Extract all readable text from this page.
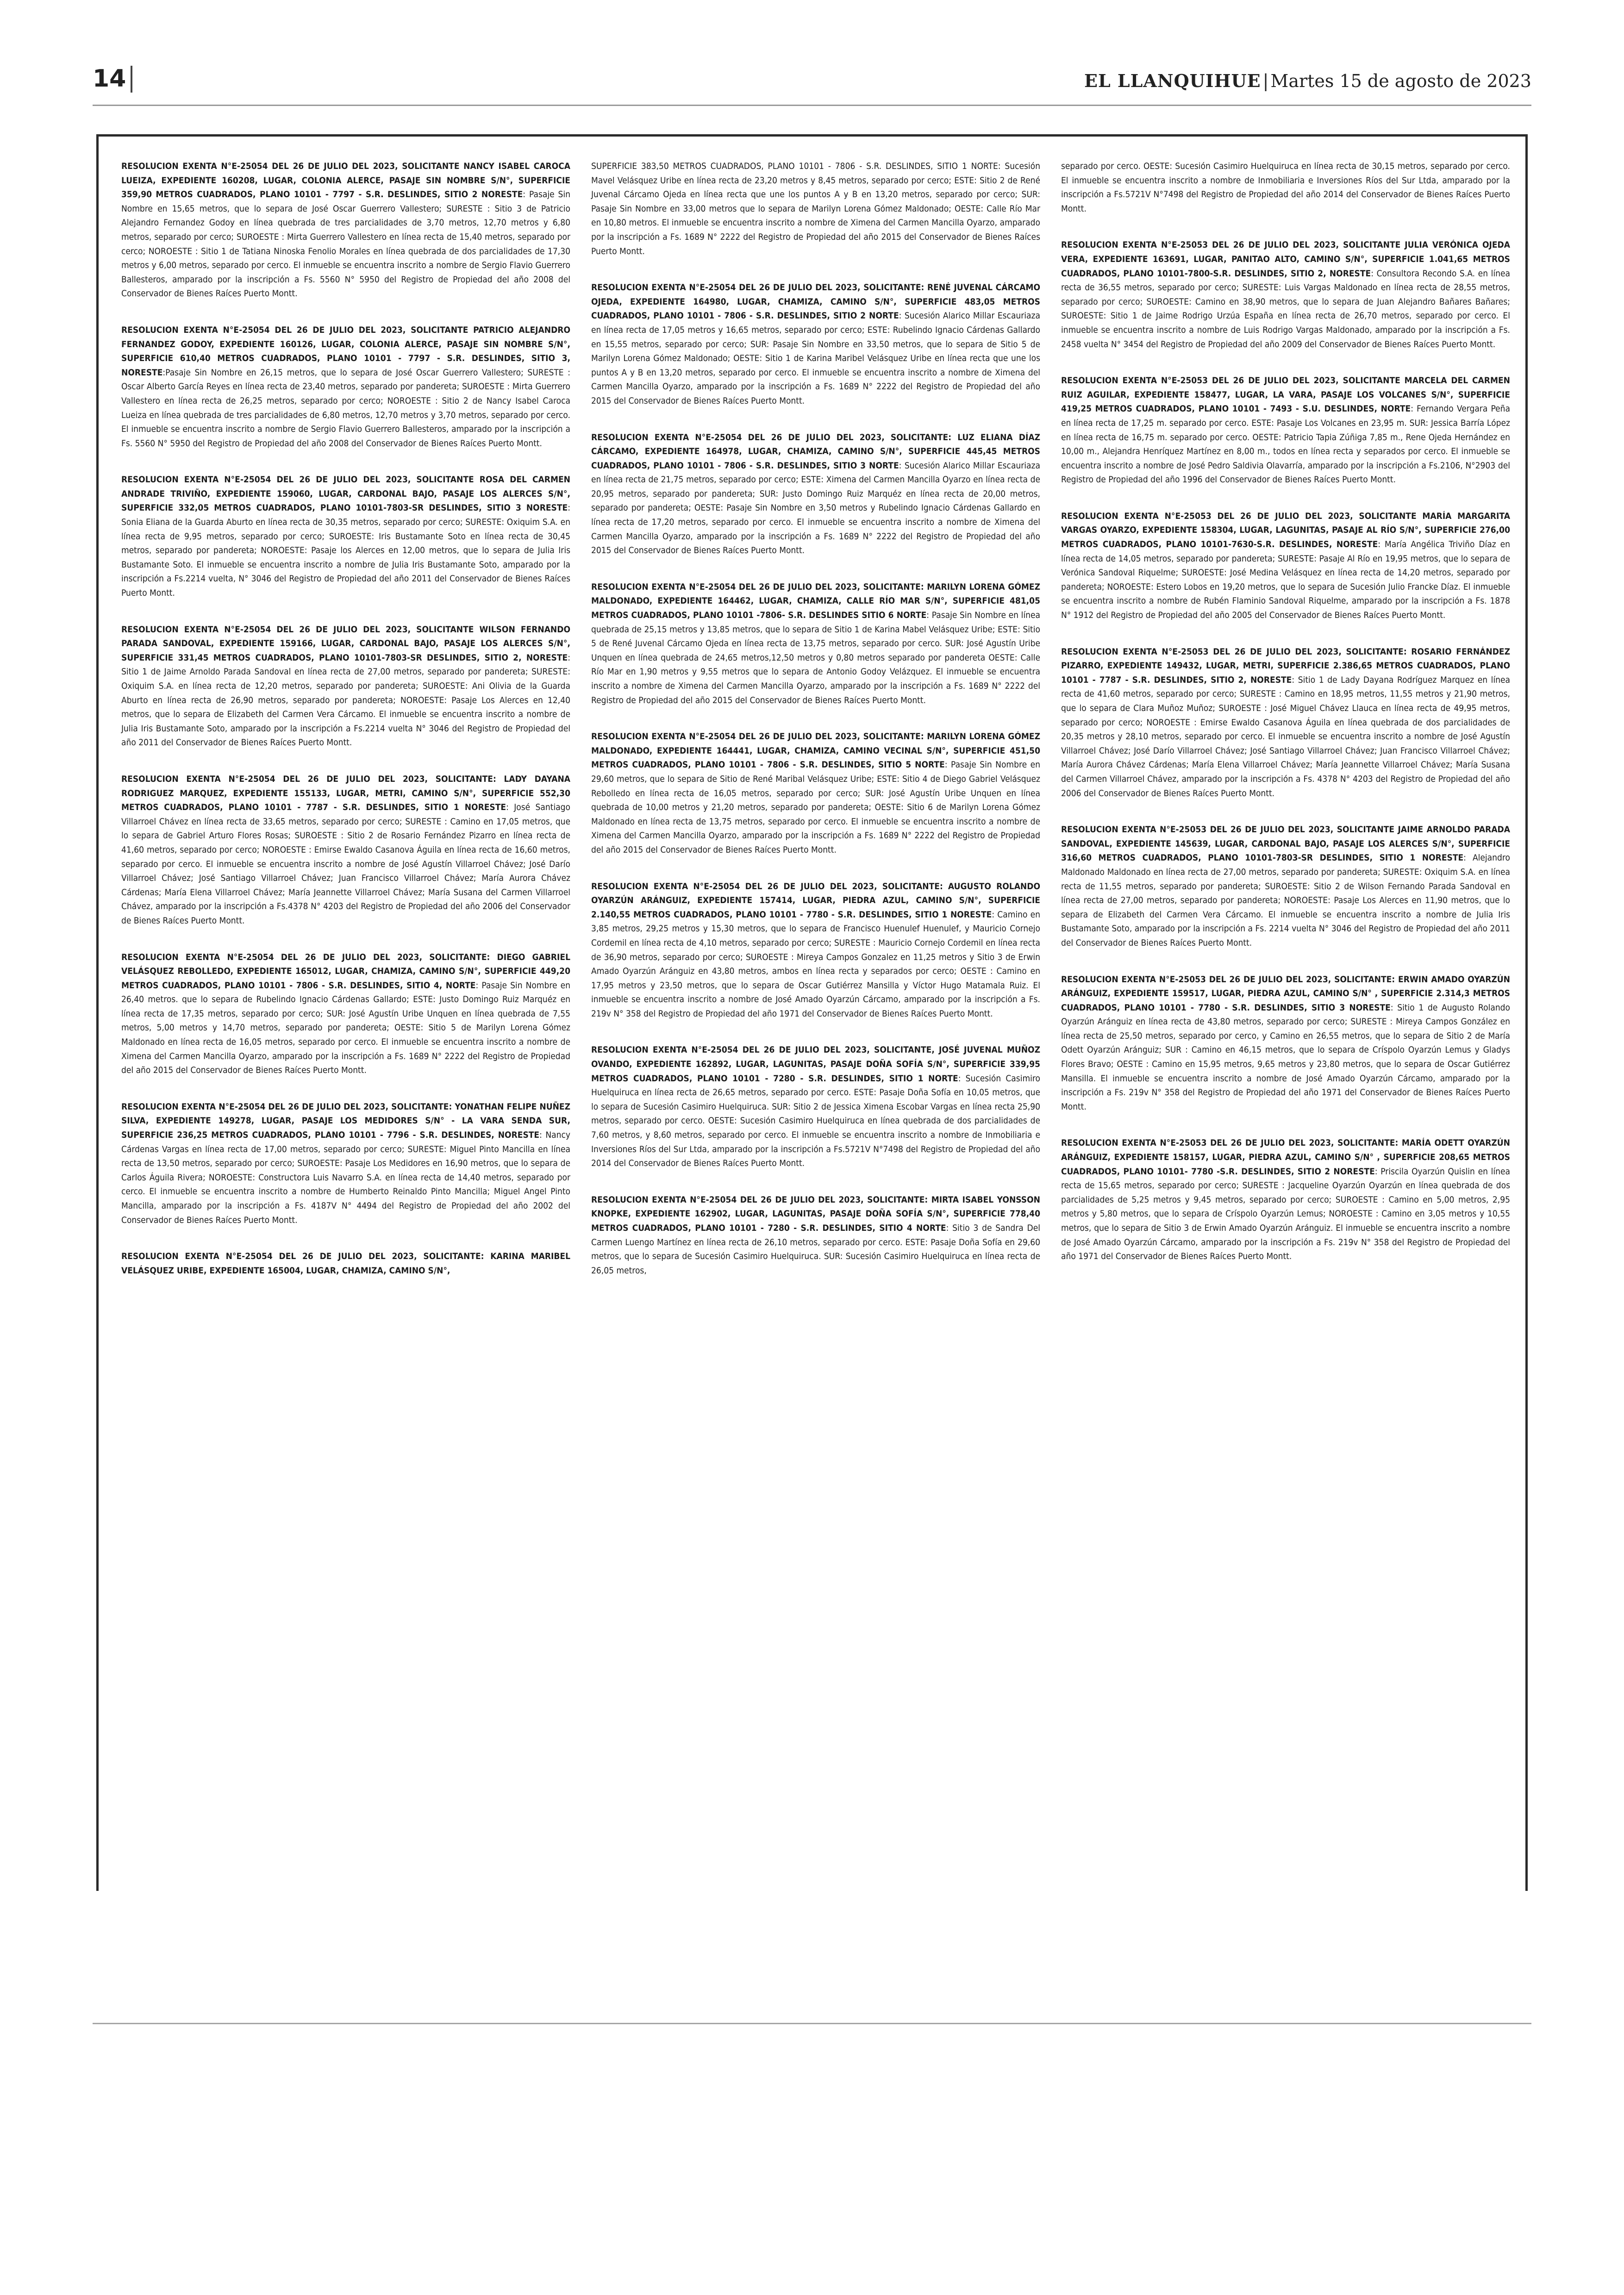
14	EL LLANQUIHUE | Martes 15 de agosto de 2023

RESOLUCION EXENTA N°E-25054 DEL 26 DE JULIO DEL 2023, SOLICITANTE NANCY ISABEL CAROCA LUEIZA, EXPEDIENTE 160208, LUGAR, COLONIA ALERCE, PASAJE SIN NOMBRE S/N°, SUPERFICIE 359,90 METROS CUADRADOS, PLANO 10101 - 7797 - S.R. DESLINDES, SITIO 2 NORESTE: Pasaje Sin Nombre en 15,65 metros, que lo separa de José Oscar Guerrero Vallestero; SURESTE : Sitio 3 de Patricio Alejandro Fernandez Godoy en línea quebrada de tres parcialidades de 3,70 metros, 12,70 metros y 6,80 metros, separado por cerco; SUROESTE : Mirta Guerrero Vallestero en línea recta de 15,40 metros, separado por cerco; NOROESTE : Sitio 1 de Tatiana Ninoska Fenolio Morales en línea quebrada de dos parcialidades de 17,30 metros y 6,00 metros, separado por cerco. El inmueble se encuentra inscrito a nombre de Sergio Flavio Guerrero Ballesteros, amparado por la inscripción a Fs. 5560 N° 5950 del Registro de Propiedad del año 2008 del Conservador de Bienes Raíces Puerto Montt.

RESOLUCION EXENTA N°E-25054 DEL 26 DE JULIO DEL 2023, SOLICITANTE PATRICIO ALEJANDRO FERNANDEZ GODOY, EXPEDIENTE 160126, LUGAR, COLONIA ALERCE, PASAJE SIN NOMBRE S/N°, SUPERFICIE 610,40 METROS CUADRADOS, PLANO 10101 - 7797 - S.R. DESLINDES, SITIO 3, NORESTE:Pasaje Sin Nombre en 26,15 metros, que lo separa de José Oscar Guerrero Vallestero; SURESTE : Oscar Alberto García Reyes en línea recta de 23,40 metros, separado por pandereta; SUROESTE : Mirta Guerrero Vallestero en línea recta de 26,25 metros, separado por cerco; NOROESTE : Sitio 2 de Nancy Isabel Caroca Lueiza en línea quebrada de tres parcialidades de 6,80 metros, 12,70 metros y 3,70 metros, separado por cerco. El inmueble se encuentra inscrito a nombre de Sergio Flavio Guerrero Ballesteros, amparado por la inscripción a Fs. 5560 N° 5950 del Registro de Propiedad del año 2008 del Conservador de Bienes Raíces Puerto Montt.

RESOLUCION EXENTA N°E-25054 DEL 26 DE JULIO DEL 2023, SOLICITANTE ROSA DEL CARMEN ANDRADE TRIVIÑO, EXPEDIENTE 159060, LUGAR, CARDONAL BAJO, PASAJE LOS ALERCES S/N°, SUPERFICIE 332,05 METROS CUADRADOS, PLANO 10101-7803-SR DESLINDES, SITIO 3 NORESTE: Sonia Eliana de la Guarda Aburto en línea recta de 30,35 metros, separado por cerco; SURESTE: Oxiquim S.A. en línea recta de 9,95 metros, separado por cerco; SUROESTE: Iris Bustamante Soto en línea recta de 30,45 metros, separado por pandereta; NOROESTE: Pasaje los Alerces en 12,00 metros, que lo separa de Julia Iris Bustamante Soto. El inmueble se encuentra inscrito a nombre de Julia Iris Bustamante Soto, amparado por la inscripción a Fs.2214 vuelta, N° 3046 del Registro de Propiedad del año 2011 del Conservador de Bienes Raíces Puerto Montt.

RESOLUCION EXENTA N°E-25054 DEL 26 DE JULIO DEL 2023, SOLICITANTE WILSON FERNANDO PARADA SANDOVAL, EXPEDIENTE 159166, LUGAR, CARDONAL BAJO, PASAJE LOS ALERCES S/N°, SUPERFICIE 331,45 METROS CUADRADOS, PLANO 10101-7803-SR DESLINDES, SITIO 2, NORESTE: Sitio 1 de Jaime Arnoldo Parada Sandoval en línea recta de 27,00 metros, separado por pandereta; SURESTE: Oxiquim S.A. en línea recta de 12,20 metros, separado por pandereta; SUROESTE: Ani Olivia de la Guarda Aburto en línea recta de 26,90 metros, separado por pandereta; NOROESTE: Pasaje Los Alerces en 12,40 metros, que lo separa de Elizabeth del Carmen Vera Cárcamo. El inmueble se encuentra inscrito a nombre de Julia Iris Bustamante Soto, amparado por la inscripción a Fs.2214 vuelta N° 3046 del Registro de Propiedad del año 2011 del Conservador de Bienes Raíces Puerto Montt.

RESOLUCION EXENTA N°E-25054 DEL 26 DE JULIO DEL 2023, SOLICITANTE: LADY DAYANA RODRIGUEZ MARQUEZ, EXPEDIENTE 155133, LUGAR, METRI, CAMINO S/N°, SUPERFICIE 552,30 METROS CUADRADOS, PLANO 10101 - 7787 - S.R. DESLINDES, SITIO 1 NORESTE: José Santiago Villarroel Chávez en línea recta de 33,65 metros, separado por cerco; SURESTE : Camino en 17,05 metros, que lo separa de Gabriel Arturo Flores Rosas; SUROESTE : Sitio 2 de Rosario Fernández Pizarro en línea recta de 41,60 metros, separado por cerco; NOROESTE : Emirse Ewaldo Casanova Águila en línea recta de 16,60 metros, separado por cerco. El inmueble se encuentra inscrito a nombre de José Agustín Villarroel Chávez; José Darío Villarroel Chávez; José Santiago Villarroel Chávez; Juan Francisco Villarroel Chávez; María Aurora Chávez Cárdenas; María Elena Villarroel Chávez; María Jeannette Villarroel Chávez; María Susana del Carmen Villarroel Chávez, amparado por la inscripción a Fs.4378 N° 4203 del Registro de Propiedad del año 2006 del Conservador de Bienes Raíces Puerto Montt.

RESOLUCION EXENTA N°E-25054 DEL 26 DE JULIO DEL 2023, SOLICITANTE: DIEGO GABRIEL VELÁSQUEZ REBOLLEDO, EXPEDIENTE 165012, LUGAR, CHAMIZA, CAMINO S/N°, SUPERFICIE 449,20 METROS CUADRADOS, PLANO 10101 - 7806 - S.R. DESLINDES, SITIO 4, NORTE: Pasaje Sin Nombre en 26,40 metros. que lo separa de Rubelindo Ignacio Cárdenas Gallardo; ESTE: Justo Domingo Ruiz Marquéz en línea recta de 17,35 metros, separado por cerco; SUR: José Agustín Uribe Unquen en línea quebrada de 7,55 metros, 5,00 metros y 14,70 metros, separado por pandereta; OESTE: Sitio 5 de Marilyn Lorena Gómez Maldonado en línea recta de 16,05 metros, separado por cerco. El inmueble se encuentra inscrito a nombre de Ximena del Carmen Mancilla Oyarzo, amparado por la inscripción a Fs. 1689 N° 2222 del Registro de Propiedad del año 2015 del Conservador de Bienes Raíces Puerto Montt.

RESOLUCION EXENTA N°E-25054 DEL 26 DE JULIO DEL 2023, SOLICITANTE: YONATHAN FELIPE NUÑEZ SILVA, EXPEDIENTE 149278, LUGAR, PASAJE LOS MEDIDORES S/N° - LA VARA SENDA SUR, SUPERFICIE 236,25 METROS CUADRADOS, PLANO 10101 - 7796 - S.R. DESLINDES, NORESTE: Nancy Cárdenas Vargas en línea recta de 17,00 metros, separado por cerco; SURESTE: Miguel Pinto Mancilla en línea recta de 13,50 metros, separado por cerco; SUROESTE: Pasaje Los Medidores en 16,90 metros, que lo separa de Carlos Águila Rivera; NOROESTE: Constructora Luis Navarro S.A. en línea recta de 14,40 metros, separado por cerco. El inmueble se encuentra inscrito a nombre de Humberto Reinaldo Pinto Mancilla; Miguel Angel Pinto Mancilla, amparado por la inscripción a Fs. 4187V N° 4494 del Registro de Propiedad del año 2002 del Conservador de Bienes Raíces Puerto Montt.

RESOLUCION EXENTA N°E-25054 DEL 26 DE JULIO DEL 2023, SOLICITANTE: KARINA MARIBEL VELÁSQUEZ URIBE, EXPEDIENTE 165004, LUGAR, CHAMIZA, CAMINO S/N°,

SUPERFICIE 383,50 METROS CUADRADOS, PLANO 10101 - 7806 - S.R. DESLINDES, SITIO 1 NORTE: Sucesión Mavel Velásquez Uribe en línea recta de 23,20 metros y 8,45 metros, separado por cerco; ESTE: Sitio 2 de René Juvenal Cárcamo Ojeda en línea recta que une los puntos A y B en 13,20 metros, separado por cerco; SUR: Pasaje Sin Nombre en 33,00 metros que lo separa de Marilyn Lorena Gómez Maldonado; OESTE: Calle Río Mar en 10,80 metros. El inmueble se encuentra inscrito a nombre de Ximena del Carmen Mancilla Oyarzo, amparado por la inscripción a Fs. 1689 N° 2222 del Registro de Propiedad del año 2015 del Conservador de Bienes Raíces Puerto Montt.

RESOLUCION EXENTA N°E-25054 DEL 26 DE JULIO DEL 2023, SOLICITANTE: RENÉ JUVENAL CÁRCAMO OJEDA, EXPEDIENTE 164980, LUGAR, CHAMIZA, CAMINO S/N°, SUPERFICIE 483,05 METROS CUADRADOS, PLANO 10101 - 7806 - S.R. DESLINDES, SITIO 2 NORTE: Sucesión Alarico Millar Escauriaza en línea recta de 17,05 metros y 16,65 metros, separado por cerco; ESTE: Rubelindo Ignacio Cárdenas Gallardo en 15,55 metros, separado por cerco; SUR: Pasaje Sin Nombre en 33,50 metros, que lo separa de Sitio 5 de Marilyn Lorena Gómez Maldonado; OESTE: Sitio 1 de Karina Maribel Velásquez Uribe en línea recta que une los puntos A y B en 13,20 metros, separado por cerco. El inmueble se encuentra inscrito a nombre de Ximena del Carmen Mancilla Oyarzo, amparado por la inscripción a Fs. 1689 N° 2222 del Registro de Propiedad del año 2015 del Conservador de Bienes Raíces Puerto Montt.

RESOLUCION EXENTA N°E-25054 DEL 26 DE JULIO DEL 2023, SOLICITANTE: LUZ ELIANA DÍAZ CÁRCAMO, EXPEDIENTE 164978, LUGAR, CHAMIZA, CAMINO S/N°, SUPERFICIE 445,45 METROS CUADRADOS, PLANO 10101 - 7806 - S.R. DESLINDES, SITIO 3 NORTE: Sucesión Alarico Millar Escauriaza en línea recta de 21,75 metros, separado por cerco; ESTE: Ximena del Carmen Mancilla Oyarzo en línea recta de 20,95 metros, separado por pandereta; SUR: Justo Domingo Ruiz Marquéz en línea recta de 20,00 metros, separado por pandereta; OESTE: Pasaje Sin Nombre en 3,50 metros y Rubelindo Ignacio Cárdenas Gallardo en línea recta de 17,20 metros, separado por cerco. El inmueble se encuentra inscrito a nombre de Ximena del Carmen Mancilla Oyarzo, amparado por la inscripción a Fs. 1689 N° 2222 del Registro de Propiedad del año 2015 del Conservador de Bienes Raíces Puerto Montt.

RESOLUCION EXENTA N°E-25054 DEL 26 DE JULIO DEL 2023, SOLICITANTE: MARILYN LORENA GÓMEZ MALDONADO, EXPEDIENTE 164462, LUGAR, CHAMIZA, CALLE RÍO MAR S/N°, SUPERFICIE 481,05 METROS CUADRADOS, PLANO 10101 -7806- S.R. DESLINDES SITIO 6 NORTE: Pasaje Sin Nombre en línea quebrada de 25,15 metros y 13,85 metros, que lo separa de Sitio 1 de Karina Mabel Velásquez Uribe; ESTE: Sitio 5 de René Juvenal Cárcamo Ojeda en línea recta de 13,75 metros, separado por cerco. SUR: José Agustín Uribe Unquen en línea quebrada de 24,65 metros,12,50 metros y 0,80 metros separado por pandereta OESTE: Calle Río Mar en 1,90 metros y 9,55 metros que lo separa de Antonio Godoy Velázquez. El inmueble se encuentra inscrito a nombre de Ximena del Carmen Mancilla Oyarzo, amparado por la inscripción a Fs. 1689 N° 2222 del Registro de Propiedad del año 2015 del Conservador de Bienes Raíces Puerto Montt.

RESOLUCION EXENTA N°E-25054 DEL 26 DE JULIO DEL 2023, SOLICITANTE: MARILYN LORENA GÓMEZ MALDONADO, EXPEDIENTE 164441, LUGAR, CHAMIZA, CAMINO VECINAL S/N°, SUPERFICIE 451,50 METROS CUADRADOS, PLANO 10101 - 7806 - S.R. DESLINDES, SITIO 5 NORTE: Pasaje Sin Nombre en 29,60 metros, que lo separa de Sitio de René Maribal Velásquez Uribe; ESTE: Sitio 4 de Diego Gabriel Velásquez Rebolledo en línea recta de 16,05 metros, separado por cerco; SUR: José Agustín Uribe Unquen en línea quebrada de 10,00 metros y 21,20 metros, separado por pandereta; OESTE: Sitio 6 de Marilyn Lorena Gómez Maldonado en línea recta de 13,75 metros, separado por cerco. El inmueble se encuentra inscrito a nombre de Ximena del Carmen Mancilla Oyarzo, amparado por la inscripción a Fs. 1689 N° 2222 del Registro de Propiedad del año 2015 del Conservador de Bienes Raíces Puerto Montt.

RESOLUCION EXENTA N°E-25054 DEL 26 DE JULIO DEL 2023, SOLICITANTE: AUGUSTO ROLANDO OYARZÚN ARÁNGUIZ, EXPEDIENTE 157414, LUGAR, PIEDRA AZUL, CAMINO S/N°, SUPERFICIE 2.140,55 METROS CUADRADOS, PLANO 10101 - 7780 - S.R. DESLINDES, SITIO 1 NORESTE: Camino en 3,85 metros, 29,25 metros y 15,30 metros, que lo separa de Francisco Huenulef Huenulef, y Mauricio Cornejo Cordemil en línea recta de 4,10 metros, separado por cerco; SURESTE : Mauricio Cornejo Cordemil en línea recta de 36,90 metros, separado por cerco; SUROESTE : Mireya Campos Gonzalez en 11,25 metros y Sitio 3 de Erwin Amado Oyarzún Aránguiz en 43,80 metros, ambos en línea recta y separados por cerco; OESTE : Camino en 17,95 metros y 23,50 metros, que lo separa de Oscar Gutiérrez Mansilla y Víctor Hugo Matamala Ruiz. El inmueble se encuentra inscrito a nombre de José Amado Oyarzún Cárcamo, amparado por la inscripción a Fs. 219v N° 358 del Registro de Propiedad del año 1971 del Conservador de Bienes Raíces Puerto Montt.

RESOLUCION EXENTA N°E-25054 DEL 26 DE JULIO DEL 2023, SOLICITANTE, JOSÉ JUVENAL MUÑOZ OVANDO, EXPEDIENTE 162892, LUGAR, LAGUNITAS, PASAJE DOÑA SOFÍA S/N°, SUPERFICIE 339,95 METROS CUADRADOS, PLANO 10101 - 7280 - S.R. DESLINDES, SITIO 1 NORTE: Sucesión Casimiro Huelquiruca en línea recta de 26,65 metros, separado por cerco. ESTE: Pasaje Doña Sofía en 10,05 metros, que lo separa de Sucesión Casimiro Huelquiruca. SUR: Sitio 2 de Jessica Ximena Escobar Vargas en línea recta 25,90 metros, separado por cerco. OESTE: Sucesión Casimiro Huelquiruca en línea quebrada de dos parcialidades de 7,60 metros, y 8,60 metros, separado por cerco. El inmueble se encuentra inscrito a nombre de Inmobiliaria e Inversiones Ríos del Sur Ltda, amparado por la inscripción a Fs.5721V N°7498 del Registro de Propiedad del año 2014 del Conservador de Bienes Raíces Puerto Montt.

RESOLUCION EXENTA N°E-25054 DEL 26 DE JULIO DEL 2023, SOLICITANTE: MIRTA ISABEL YONSSON KNOPKE, EXPEDIENTE 162902, LUGAR, LAGUNITAS, PASAJE DOÑA SOFÍA S/N°, SUPERFICIE 778,40 METROS CUADRADOS, PLANO 10101 - 7280 - S.R. DESLINDES, SITIO 4 NORTE: Sitio 3 de Sandra Del Carmen Luengo Martínez en línea recta de 26,10 metros, separado por cerco. ESTE: Pasaje Doña Sofía en 29,60 metros, que lo separa de Sucesión Casimiro Huelquiruca. SUR: Sucesión Casimiro Huelquiruca en línea recta de 26,05 metros,

separado por cerco. OESTE: Sucesión Casimiro Huelquiruca en línea recta de 30,15 metros, separado por cerco. El inmueble se encuentra inscrito a nombre de Inmobiliaria e Inversiones Ríos del Sur Ltda, amparado por la inscripción a Fs.5721V N°7498 del Registro de Propiedad del año 2014 del Conservador de Bienes Raíces Puerto Montt.

RESOLUCION EXENTA N°E-25053 DEL 26 DE JULIO DEL 2023, SOLICITANTE JULIA VERÓNICA OJEDA VERA, EXPEDIENTE 163691, LUGAR, PANITAO ALTO, CAMINO S/N°, SUPERFICIE 1.041,65 METROS CUADRADOS, PLANO 10101-7800-S.R. DESLINDES, SITIO 2, NORESTE: Consultora Recondo S.A. en línea recta de 36,55 metros, separado por cerco; SURESTE: Luis Vargas Maldonado en línea recta de 28,55 metros, separado por cerco; SUROESTE: Camino en 38,90 metros, que lo separa de Juan Alejandro Bañares Bañares; SUROESTE: Sitio 1 de Jaime Rodrigo Urzúa España en línea recta de 26,70 metros, separado por cerco. El inmueble se encuentra inscrito a nombre de Luis Rodrigo Vargas Maldonado, amparado por la inscripción a Fs. 2458 vuelta N° 3454 del Registro de Propiedad del año 2009 del Conservador de Bienes Raíces Puerto Montt.

RESOLUCION EXENTA N°E-25053 DEL 26 DE JULIO DEL 2023, SOLICITANTE MARCELA DEL CARMEN RUIZ AGUILAR, EXPEDIENTE 158477, LUGAR, LA VARA, PASAJE LOS VOLCANES S/N°, SUPERFICIE 419,25 METROS CUADRADOS, PLANO 10101 - 7493 - S.U. DESLINDES, NORTE: Fernando Vergara Peña en línea recta de 17,25 m. separado por cerco. ESTE: Pasaje Los Volcanes en 23,95 m. SUR: Jessica Barría López en línea recta de 16,75 m. separado por cerco. OESTE: Patricio Tapia Zúñiga 7,85 m., Rene Ojeda Hernández en 10,00 m., Alejandra Henríquez Martínez en 8,00 m., todos en línea recta y separados por cerco. El inmueble se encuentra inscrito a nombre de José Pedro Saldivia Olavarría, amparado por la inscripción a Fs.2106, N°2903 del Registro de Propiedad del año 1996 del Conservador de Bienes Raíces Puerto Montt.

RESOLUCION EXENTA N°E-25053 DEL 26 DE JULIO DEL 2023, SOLICITANTE MARÍA MARGARITA VARGAS OYARZO, EXPEDIENTE 158304, LUGAR, LAGUNITAS, PASAJE AL RÍO S/N°, SUPERFICIE 276,00 METROS CUADRADOS, PLANO 10101-7630-S.R. DESLINDES, NORESTE: María Angélica Triviño Díaz en línea recta de 14,05 metros, separado por pandereta; SURESTE: Pasaje Al Río en 19,95 metros, que lo separa de Verónica Sandoval Riquelme; SUROESTE: José Medina Velásquez en línea recta de 14,20 metros, separado por pandereta; NOROESTE: Estero Lobos en 19,20 metros, que lo separa de Sucesión Julio Francke Díaz. El inmueble se encuentra inscrito a nombre de Rubén Flaminio Sandoval Riquelme, amparado por la inscripción a Fs. 1878 N° 1912 del Registro de Propiedad del año 2005 del Conservador de Bienes Raíces Puerto Montt.

RESOLUCION EXENTA N°E-25053 DEL 26 DE JULIO DEL 2023, SOLICITANTE: ROSARIO FERNÁNDEZ PIZARRO, EXPEDIENTE 149432, LUGAR, METRI, SUPERFICIE 2.386,65 METROS CUADRADOS, PLANO 10101 - 7787 - S.R. DESLINDES, SITIO 2, NORESTE: Sitio 1 de Lady Dayana Rodríguez Marquez en línea recta de 41,60 metros, separado por cerco; SURESTE : Camino en 18,95 metros, 11,55 metros y 21,90 metros, que lo separa de Clara Muñoz Muñoz; SUROESTE : José Miguel Chávez Llauca en línea recta de 49,95 metros, separado por cerco; NOROESTE : Emirse Ewaldo Casanova Águila en línea quebrada de dos parcialidades de 20,35 metros y 28,10 metros, separado por cerco. El inmueble se encuentra inscrito a nombre de José Agustín Villarroel Chávez; José Darío Villarroel Chávez; José Santiago Villarroel Chávez; Juan Francisco Villarroel Chávez; María Aurora Chávez Cárdenas; María Elena Villarroel Chávez; María Jeannette Villarroel Chávez; María Susana del Carmen Villarroel Chávez, amparado por la inscripción a Fs. 4378 N° 4203 del Registro de Propiedad del año 2006 del Conservador de Bienes Raíces Puerto Montt.

RESOLUCION EXENTA N°E-25053 DEL 26 DE JULIO DEL 2023, SOLICITANTE JAIME ARNOLDO PARADA SANDOVAL, EXPEDIENTE 145639, LUGAR, CARDONAL BAJO, PASAJE LOS ALERCES S/N°, SUPERFICIE 316,60 METROS CUADRADOS, PLANO 10101-7803-SR DESLINDES, SITIO 1 NORESTE: Alejandro Maldonado Maldonado en línea recta de 27,00 metros, separado por pandereta; SURESTE: Oxiquim S.A. en línea recta de 11,55 metros, separado por pandereta; SUROESTE: Sitio 2 de Wilson Fernando Parada Sandoval en línea recta de 27,00 metros, separado por pandereta; NOROESTE: Pasaje Los Alerces en 11,90 metros, que lo separa de Elizabeth del Carmen Vera Cárcamo. El inmueble se encuentra inscrito a nombre de Julia Iris Bustamante Soto, amparado por la inscripción a Fs. 2214 vuelta N° 3046 del Registro de Propiedad del año 2011 del Conservador de Bienes Raíces Puerto Montt.

RESOLUCION EXENTA N°E-25053 DEL 26 DE JULIO DEL 2023, SOLICITANTE: ERWIN AMADO OYARZÚN ARÁNGUIZ, EXPEDIENTE 159517, LUGAR, PIEDRA AZUL, CAMINO S/N° , SUPERFICIE 2.314,3 METROS CUADRADOS, PLANO 10101 - 7780 - S.R. DESLINDES, SITIO 3 NORESTE: Sitio 1 de Augusto Rolando Oyarzún Aránguiz en línea recta de 43,80 metros, separado por cerco; SURESTE : Mireya Campos González en línea recta de 25,50 metros, separado por cerco, y Camino en 26,55 metros, que lo separa de Sitio 2 de María Odett Oyarzún Aránguiz; SUR : Camino en 46,15 metros, que lo separa de Críspolo Oyarzún Lemus y Gladys Flores Bravo; OESTE : Camino en 15,95 metros, 9,65 metros y 23,80 metros, que lo separa de Oscar Gutiérrez Mansilla. El inmueble se encuentra inscrito a nombre de José Amado Oyarzún Cárcamo, amparado por la inscripción a Fs. 219v N° 358 del Registro de Propiedad del año 1971 del Conservador de Bienes Raíces Puerto Montt.

RESOLUCION EXENTA N°E-25053 DEL 26 DE JULIO DEL 2023, SOLICITANTE: MARÍA ODETT OYARZÚN ARÁNGUIZ, EXPEDIENTE 158157, LUGAR, PIEDRA AZUL, CAMINO S/N° , SUPERFICIE 208,65 METROS CUADRADOS, PLANO 10101- 7780 -S.R. DESLINDES, SITIO 2 NORESTE: Priscila Oyarzún Quislin en línea recta de 15,65 metros, separado por cerco; SURESTE : Jacqueline Oyarzún Oyarzún en línea quebrada de dos parcialidades de 5,25 metros y 9,45 metros, separado por cerco; SUROESTE : Camino en 5,00 metros, 2,95 metros y 5,80 metros, que lo separa de Críspolo Oyarzún Lemus; NOROESTE : Camino en 3,05 metros y 10,55 metros, que lo separa de Sitio 3 de Erwin Amado Oyarzún Aránguiz. El inmueble se encuentra inscrito a nombre de José Amado Oyarzún Cárcamo, amparado por la inscripción a Fs. 219v N° 358 del Registro de Propiedad del año 1971 del Conservador de Bienes Raíces Puerto Montt.
